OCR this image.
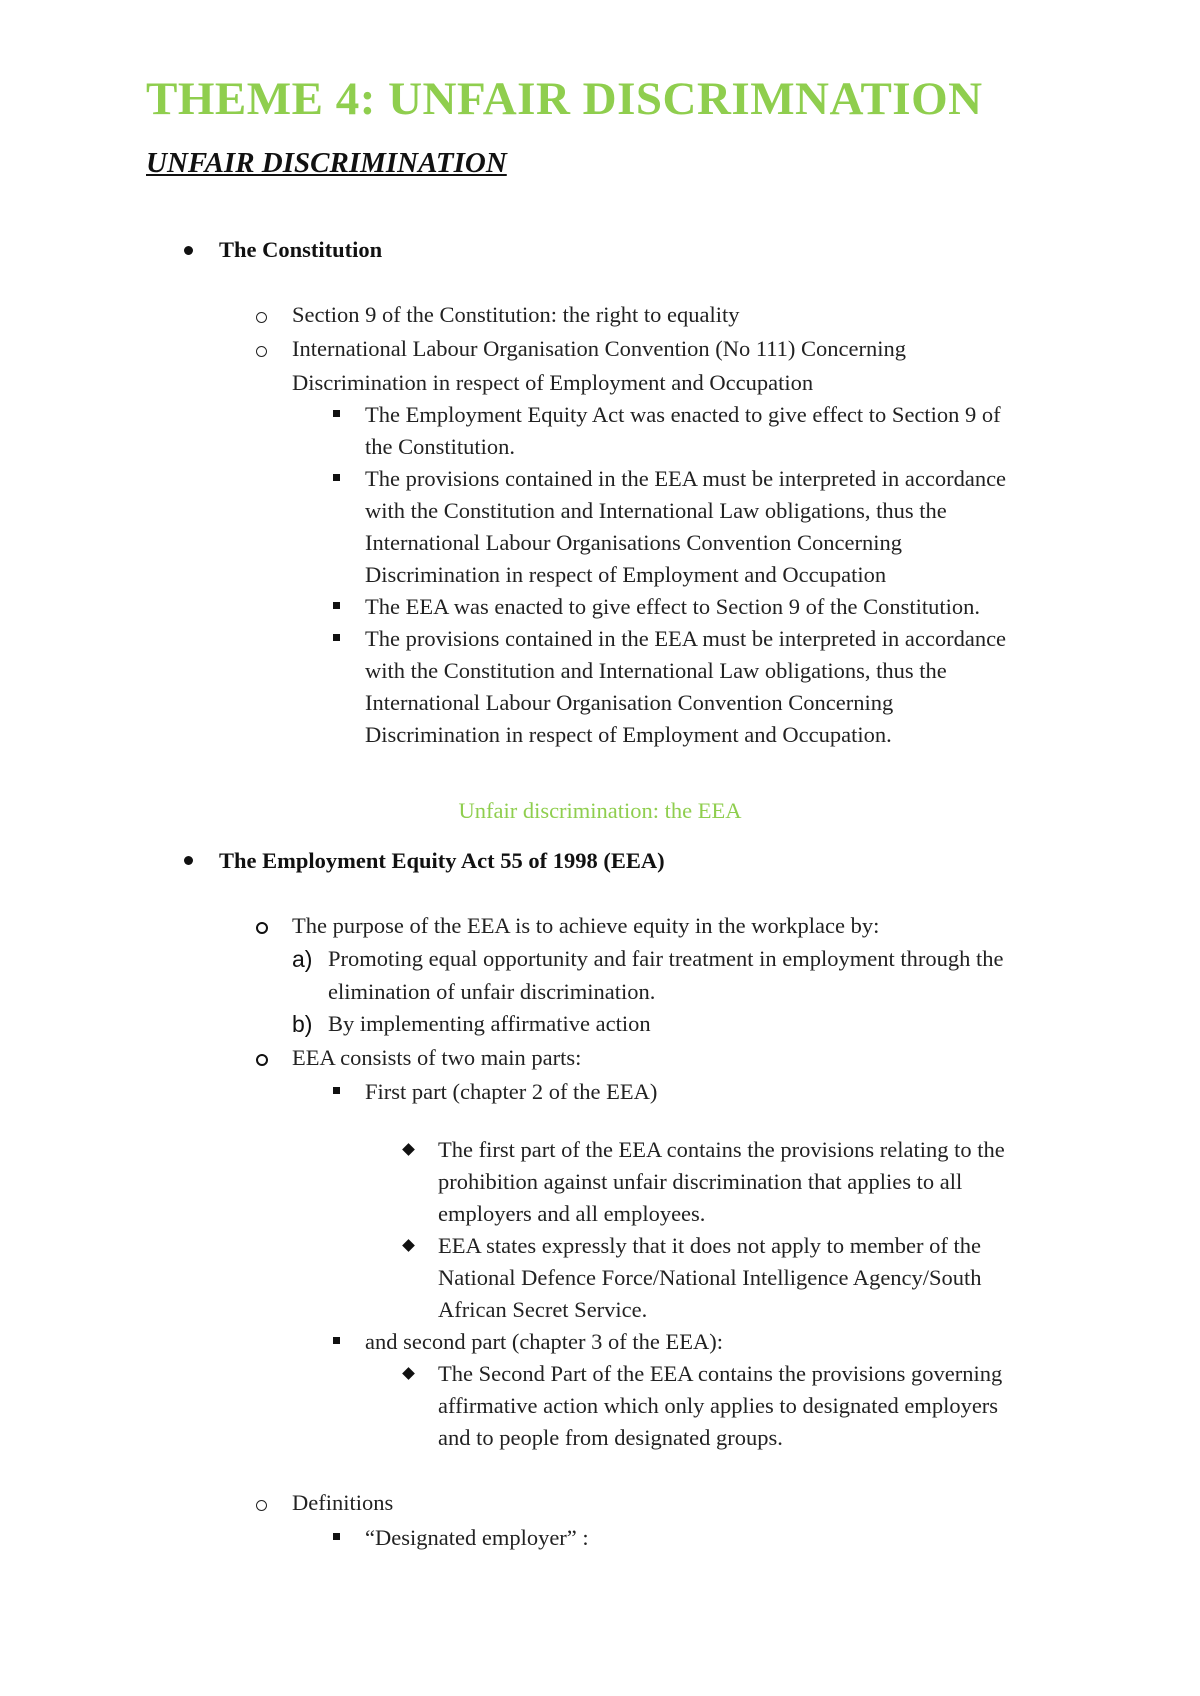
THEME 4: UNFAIR DISCRIMNATION
UNFAIR DISCRIMINATION
The Constitution
Section 9 of the Constitution: the right to equality
International Labour Organisation Convention (No 111) Concerning
Discrimination in respect of Employment and Occupation
The Employment Equity Act was enacted to give effect to Section 9 of
the Constitution.
The provisions contained in the EEA must be interpreted in accordance
with the Constitution and International Law obligations, thus the
International Labour Organisations Convention Concerning
Discrimination in respect of Employment and Occupation
The EEA was enacted to give effect to Section 9 of the Constitution.
The provisions contained in the EEA must be interpreted in accordance
with the Constitution and International Law obligations, thus the
International Labour Organisation Convention Concerning
Discrimination in respect of Employment and Occupation.
Unfair discrimination: the EEA
The Employment Equity Act 55 of 1998 (EEA)
The purpose of the EEA is to achieve equity in the workplace by:
a) Promoting equal opportunity and fair treatment in employment through the
elimination of unfair discrimination.
b) By implementing affirmative action
EEA consists of two main parts:
First part (chapter 2 of the EEA)
The first part of the EEA contains the provisions relating to the
prohibition against unfair discrimination that applies to all
employers and all employees.
EEA states expressly that it does not apply to member of the
National Defence Force/National Intelligence Agency/South
African Secret Service.
and second part (chapter 3 of the EEA):
The Second Part of the EEA contains the provisions governing
affirmative action which only applies to designated employers
and to people from designated groups.
Definitions
“Designated employer” :
